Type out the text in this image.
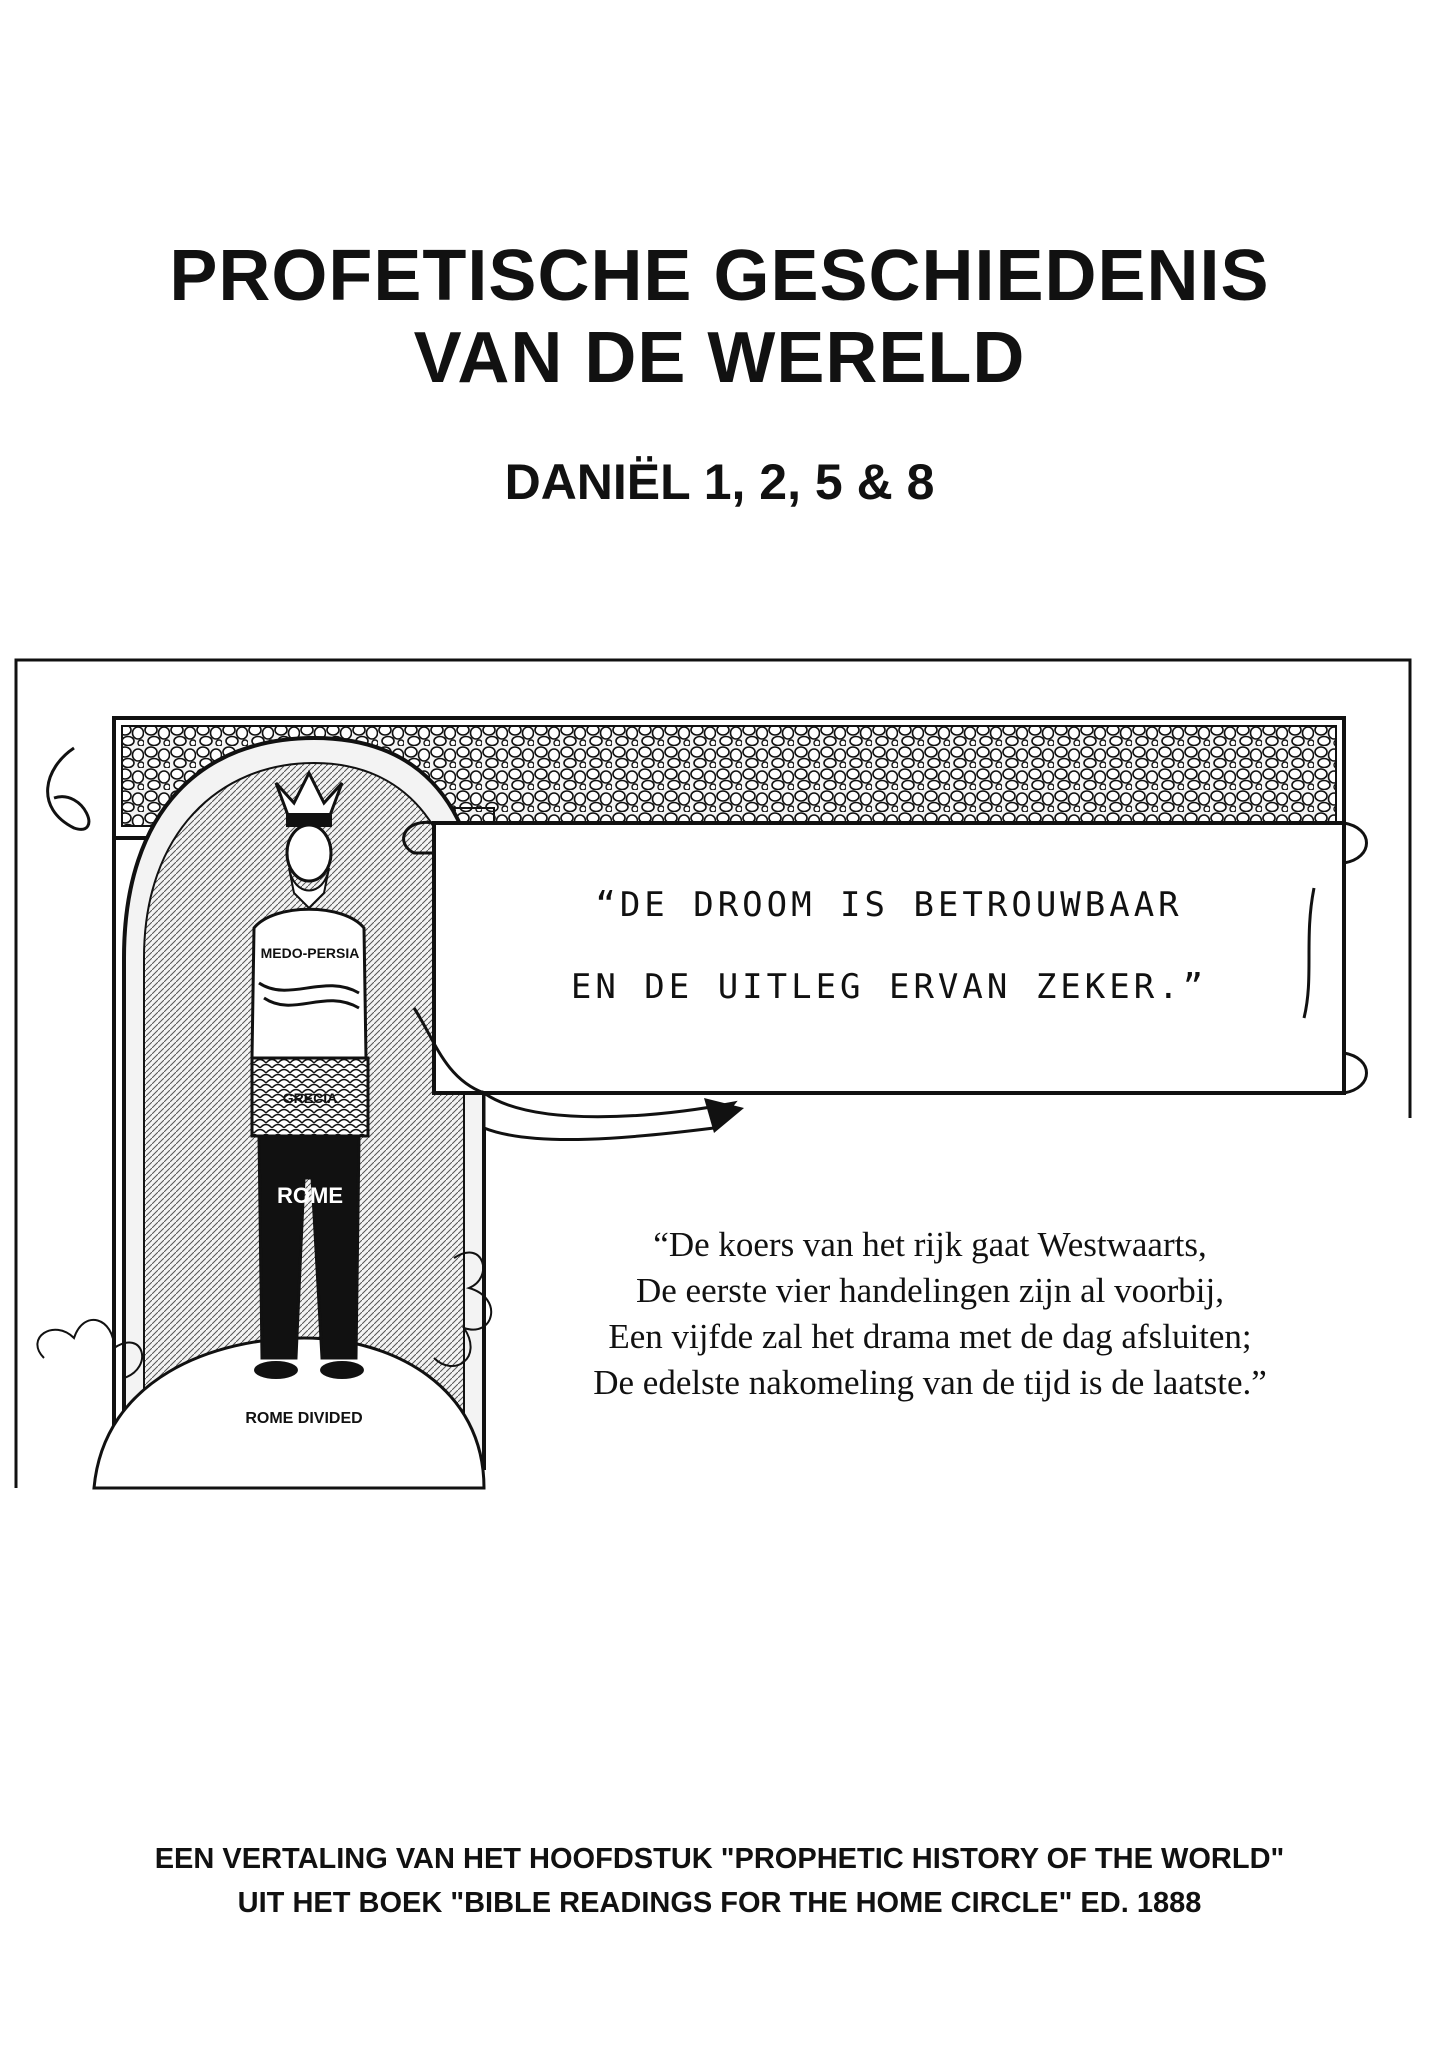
PROFETISCHE GESCHIEDENIS
VAN DE WERELD
DANIËL 1, 2, 5 & 8
MEDO-PERSIA
GRECIA
ROME
ROME DIVIDED
“DE DROOM IS BETROUWBAAR
EN DE UITLEG ERVAN ZEKER.”
“De koers van het rijk gaat Westwaarts,
De eerste vier handelingen zijn al voorbij,
Een vijfde zal het drama met de dag afsluiten;
De edelste nakomeling van de tijd is de laatste.”
EEN VERTALING VAN HET HOOFDSTUK "PROPHETIC HISTORY OF THE WORLD"
UIT HET BOEK "BIBLE READINGS FOR THE HOME CIRCLE" ED. 1888
